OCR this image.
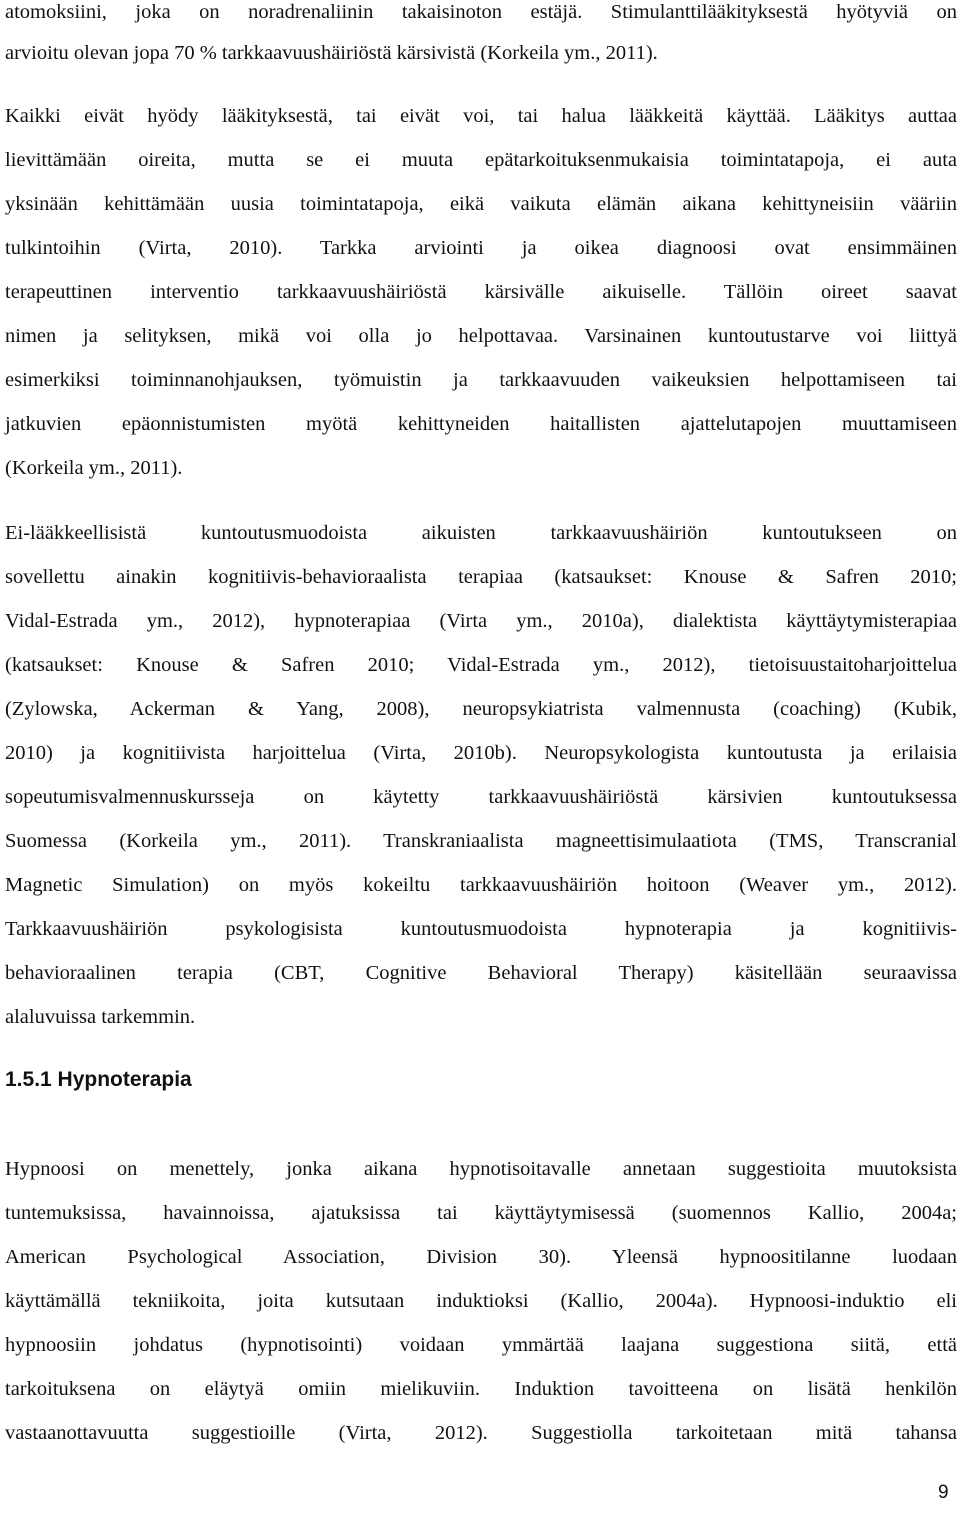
atomoksiini, joka on noradrenaliinin takaisinoton estäjä. Stimulanttilääkityksestä hyötyviä on
arvioitu olevan jopa 70 % tarkkaavuushäiriöstä kärsivistä (Korkeila ym., 2011).
Kaikki eivät hyödy lääkityksestä, tai eivät voi, tai halua lääkkeitä käyttää. Lääkitys auttaa
lievittämään oireita, mutta se ei muuta epätarkoituksenmukaisia toimintatapoja, ei auta
yksinään kehittämään uusia toimintatapoja, eikä vaikuta elämän aikana kehittyneisiin vääriin
tulkintoihin (Virta, 2010). Tarkka arviointi ja oikea diagnoosi ovat ensimmäinen
terapeuttinen interventio tarkkaavuushäiriöstä kärsivälle aikuiselle. Tällöin oireet saavat
nimen ja selityksen, mikä voi olla jo helpottavaa. Varsinainen kuntoutustarve voi liittyä
esimerkiksi toiminnanohjauksen, työmuistin ja tarkkaavuuden vaikeuksien helpottamiseen tai
jatkuvien epäonnistumisten myötä kehittyneiden haitallisten ajattelutapojen muuttamiseen
(Korkeila ym., 2011).
Ei-lääkkeellisistä kuntoutusmuodoista aikuisten tarkkaavuushäiriön kuntoutukseen on
sovellettu ainakin kognitiivis-behavioraalista terapiaa (katsaukset: Knouse & Safren 2010;
Vidal-Estrada ym., 2012), hypnoterapiaa (Virta ym., 2010a), dialektista käyttäytymisterapiaa
(katsaukset: Knouse & Safren 2010; Vidal-Estrada ym., 2012), tietoisuustaitoharjoittelua
(Zylowska, Ackerman & Yang, 2008), neuropsykiatrista valmennusta (coaching) (Kubik,
2010) ja kognitiivista harjoittelua (Virta, 2010b). Neuropsykologista kuntoutusta ja erilaisia
sopeutumisvalmennuskursseja on käytetty tarkkaavuushäiriöstä kärsivien kuntoutuksessa
Suomessa (Korkeila ym., 2011). Transkraniaalista magneettisimulaatiota (TMS, Transcranial
Magnetic Simulation) on myös kokeiltu tarkkaavuushäiriön hoitoon (Weaver ym., 2012).
Tarkkaavuushäiriön psykologisista kuntoutusmuodoista hypnoterapia ja kognitiivis-
behavioraalinen terapia (CBT, Cognitive Behavioral Therapy) käsitellään seuraavissa
alaluvuissa tarkemmin.
1.5.1 Hypnoterapia
Hypnoosi on menettely, jonka aikana hypnotisoitavalle annetaan suggestioita muutoksista
tuntemuksissa, havainnoissa, ajatuksissa tai käyttäytymisessä (suomennos Kallio, 2004a;
American Psychological Association, Division 30). Yleensä hypnoositilanne luodaan
käyttämällä tekniikoita, joita kutsutaan induktioksi (Kallio, 2004a). Hypnoosi-induktio eli
hypnoosiin johdatus (hypnotisointi) voidaan ymmärtää laajana suggestiona siitä, että
tarkoituksena on eläytyä omiin mielikuviin. Induktion tavoitteena on lisätä henkilön
vastaanottavuutta suggestioille (Virta, 2012). Suggestiolla tarkoitetaan mitä tahansa
9
